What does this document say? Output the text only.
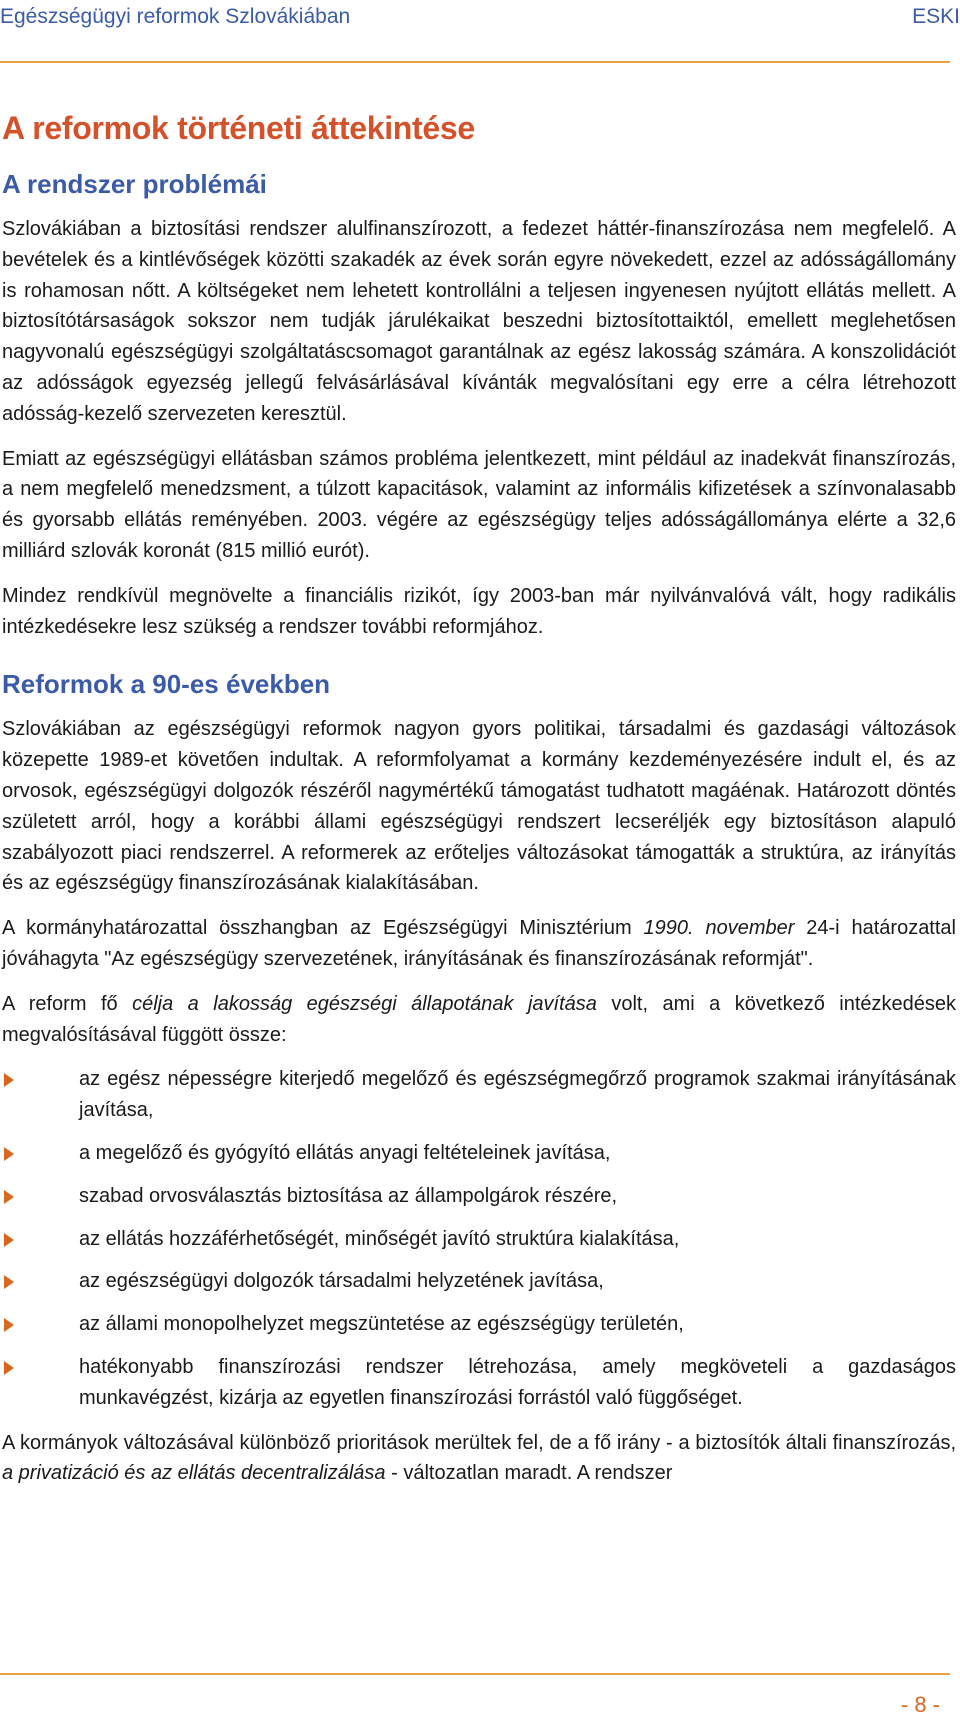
Egészségügyi reformok Szlovákiában	ESKI
A reformok történeti áttekintése
A rendszer problémái

Szlovákiában a biztosítási rendszer alulfinanszírozott, a fedezet háttér-finanszírozása nem megfelelő. A bevételek és a kintlévőségek közötti szakadék az évek során egyre növekedett, ezzel az adósságállomány is rohamosan nőtt. A költségeket nem lehetett kontrollálni a teljesen ingyenesen nyújtott ellátás mellett. A biztosítótársaságok sokszor nem tudják járulékaikat beszedni biztosítottaiktól, emellett meglehetősen nagyvonalú egészségügyi szolgáltatáscsomagot garantálnak az egész lakosság számára. A konszolidációt az adósságok egyezség jellegű felvásárlásával kívánták megvalósítani egy erre a célra létrehozott adósság-kezelő szervezeten keresztül.

Emiatt az egészségügyi ellátásban számos probléma jelentkezett, mint például az inadekvát finanszírozás, a nem megfelelő menedzsment, a túlzott kapacitások, valamint az informális kifizetések a színvonalasabb és gyorsabb ellátás reményében. 2003. végére az egészségügy teljes adósságállománya elérte a 32,6 milliárd szlovák koronát (815 millió eurót).

Mindez rendkívül megnövelte a financiális rizikót, így 2003-ban már nyilvánvalóvá vált, hogy radikális intézkedésekre lesz szükség a rendszer további reformjához.

Reformok a 90-es években

Szlovákiában az egészségügyi reformok nagyon gyors politikai, társadalmi és gazdasági változások közepette 1989-et követően indultak. A reformfolyamat a kormány kezdeményezésére indult el, és az orvosok, egészségügyi dolgozók részéről nagymértékű támogatást tudhatott magáénak. Határozott döntés született arról, hogy a korábbi állami egészségügyi rendszert lecseréljék egy biztosításon alapuló szabályozott piaci rendszerrel. A reformerek az erőteljes változásokat támogatták a struktúra, az irányítás és az egészségügy finanszírozásának kialakításában.

A kormányhatározattal összhangban az Egészségügyi Minisztérium 1990. november 24-i határozattal jóváhagyta "Az egészségügy szervezetének, irányításának és finanszírozásának reformját".

A reform fő célja a lakosság egészségi állapotának javítása volt, ami a következő intézkedések megvalósításával függött össze:

az egész népességre kiterjedő megelőző és egészségmegőrző programok szakmai irányításának javítása,
a megelőző és gyógyító ellátás anyagi feltételeinek javítása,
szabad orvosválasztás biztosítása az állampolgárok részére,
az ellátás hozzáférhetőségét, minőségét javító struktúra kialakítása,
az egészségügyi dolgozók társadalmi helyzetének javítása,
az állami monopolhelyzet megszüntetése az egészségügy területén,
hatékonyabb finanszírozási rendszer létrehozása, amely megköveteli a gazdaságos munkavégzést, kizárja az egyetlen finanszírozási forrástól való függőséget.

A kormányok változásával különböző prioritások merültek fel, de a fő irány - a biztosítók általi finanszírozás, a privatizáció és az ellátás decentralizálása - változatlan maradt. A rendszer

- 8 -
